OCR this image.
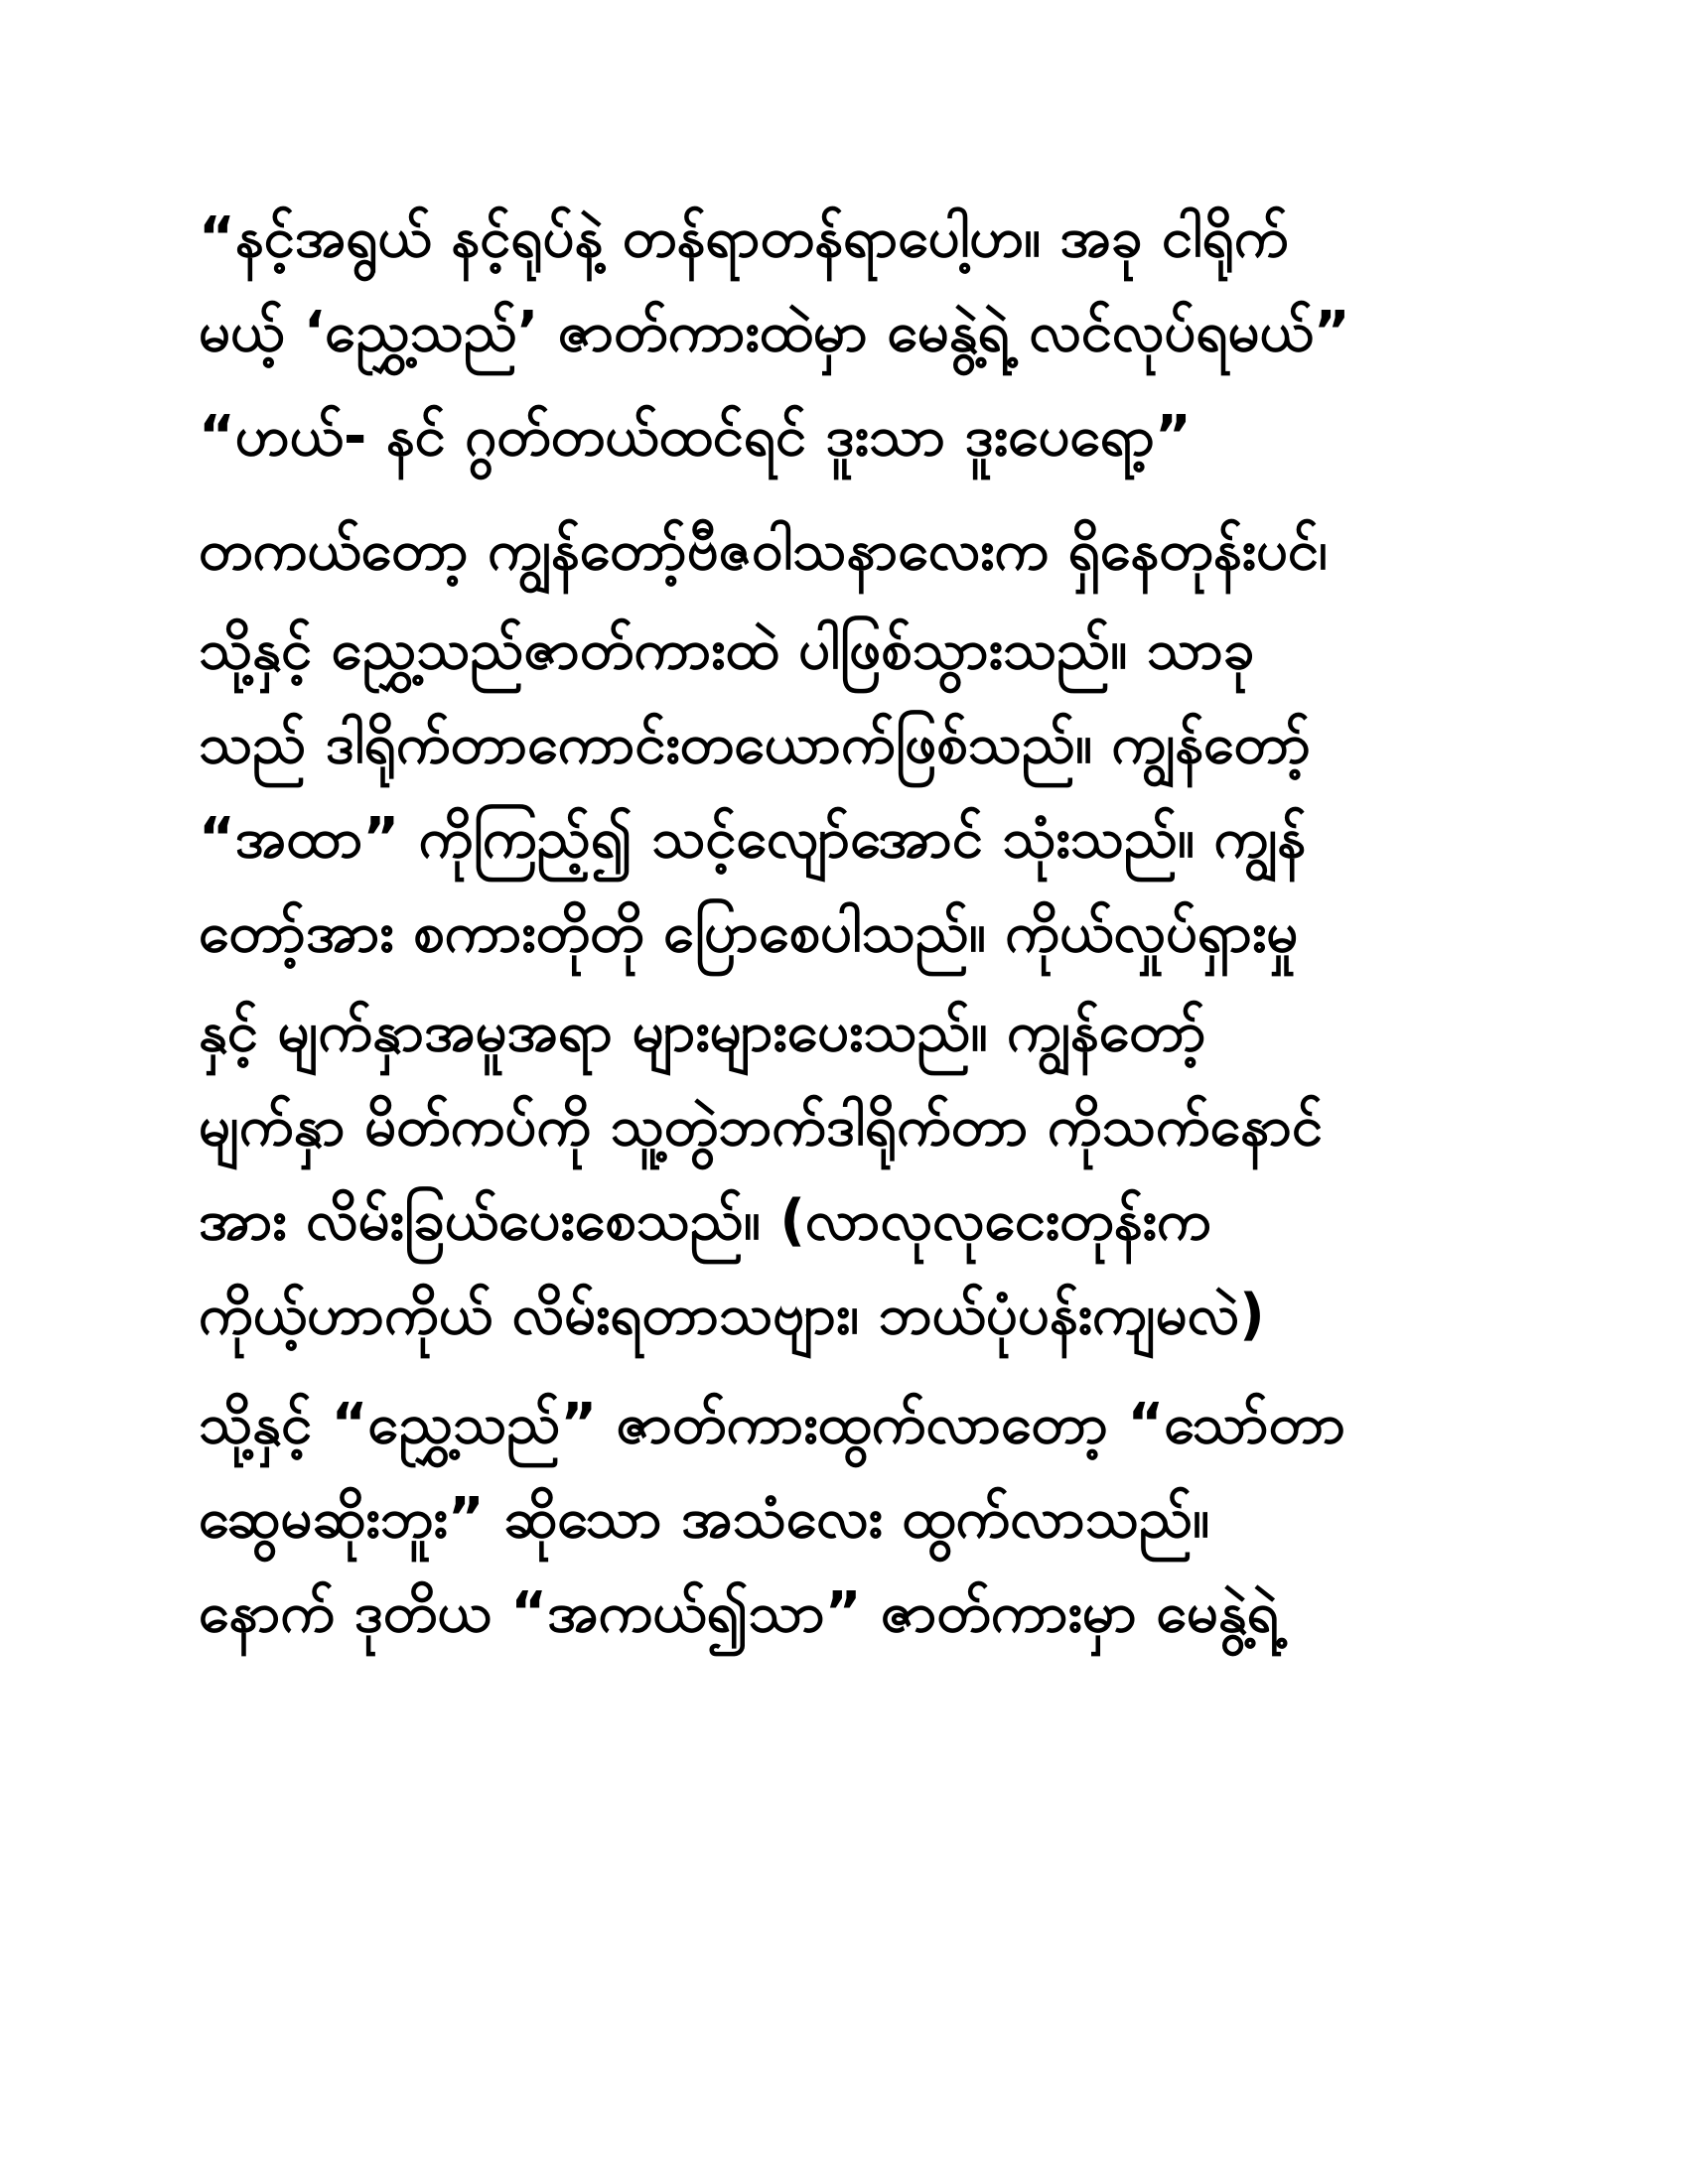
“နင့်အရွယ် နင့်ရုပ်နဲ့ တန်ရာတန်ရာပေါ့ဟ။ အခု ငါရိုက်
မယ့် ‘ညွှေ့သည်’ ဇာတ်ကားထဲမှာ မေနွဲ့ရဲ့ လင်လုပ်ရမယ်”
“ဟယ်- နင် ဂွတ်တယ်ထင်ရင် ဒူးသာ ဒူးပေရော့”
တကယ်တော့ ကျွန်တော့်ဗီဇဝါသနာလေးက ရှိနေတုန်းပင်၊
သို့နှင့် ညွှေ့သည်ဇာတ်ကားထဲ ပါဖြစ်သွားသည်။ သာခု
သည် ဒါရိုက်တာကောင်းတယောက်ဖြစ်သည်။ ကျွန်တော့်
“အထာ” ကိုကြည့်၍ သင့်လျော်အောင် သုံးသည်။ ကျွန်
တော့်အား စကားတိုတို ပြောစေပါသည်။ ကိုယ်လှုပ်ရှားမှု
နှင့် မျက်နှာအမူအရာ များများပေးသည်။ ကျွန်တော့်
မျက်နှာ မိတ်ကပ်ကို သူ့တွဲဘက်ဒါရိုက်တာ ကိုသက်နောင်
အား လိမ်းခြယ်ပေးစေသည်။ (လာလုလုငေးတုန်းက
ကိုယ့်ဟာကိုယ် လိမ်းရတာသဗျား၊ ဘယ်ပုံပန်းကျမလဲ)
သို့နှင့် “ညွှေ့သည်” ဇာတ်ကားထွက်လာတော့ “သော်တာ
ဆွေမဆိုးဘူး” ဆိုသော အသံလေး ထွက်လာသည်။
နောက် ဒုတိယ “အကယ်၍သာ” ဇာတ်ကားမှာ မေနွဲ့ရဲ့
